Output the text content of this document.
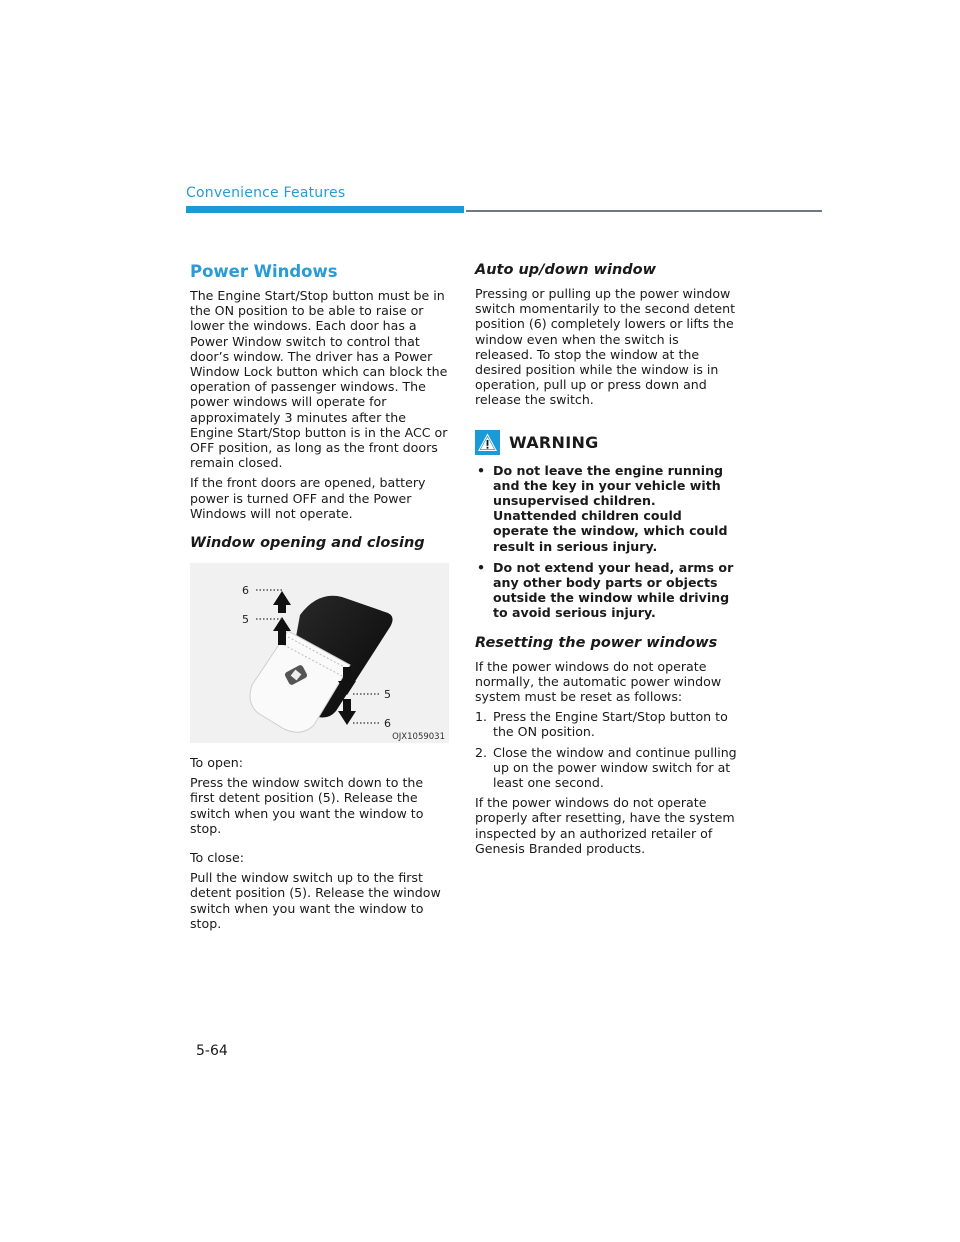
Convenience Features
Power Windows

The Engine Start/Stop button must be in the ON position to be able to raise or lower the windows. Each door has a Power Window switch to control that door’s window. The driver has a Power Window Lock button which can block the operation of passenger windows. The power windows will operate for approximately 3 minutes after the Engine Start/Stop button is in the ACC or OFF position, as long as the front doors remain closed.

If the front doors are opened, battery power is turned OFF and the Power Windows will not operate.

Window opening and closing
6
5
5
6
OJX1059031

To open:

Press the window switch down to the first detent position (5). Release the switch when you want the window to stop.

To close:

Pull the window switch up to the first detent position (5). Release the window switch when you want the window to stop.

Auto up/down window

Pressing or pulling up the power window switch momentarily to the second detent position (6) completely lowers or lifts the window even when the switch is released. To stop the window at the desired position while the window is in operation, pull up or press down and release the switch.

WARNING
• Do not leave the engine running and the key in your vehicle with unsupervised children. Unattended children could operate the window, which could result in serious injury.
• Do not extend your head, arms or any other body parts or objects outside the window while driving to avoid serious injury.
Resetting the power windows

If the power windows do not operate normally, the automatic power window system must be reset as follows:

1. Press the Engine Start/Stop button to the ON position.
2. Close the window and continue pulling up on the power window switch for at least one second.

If the power windows do not operate properly after resetting, have the system inspected by an authorized retailer of Genesis Branded products.

5-64
